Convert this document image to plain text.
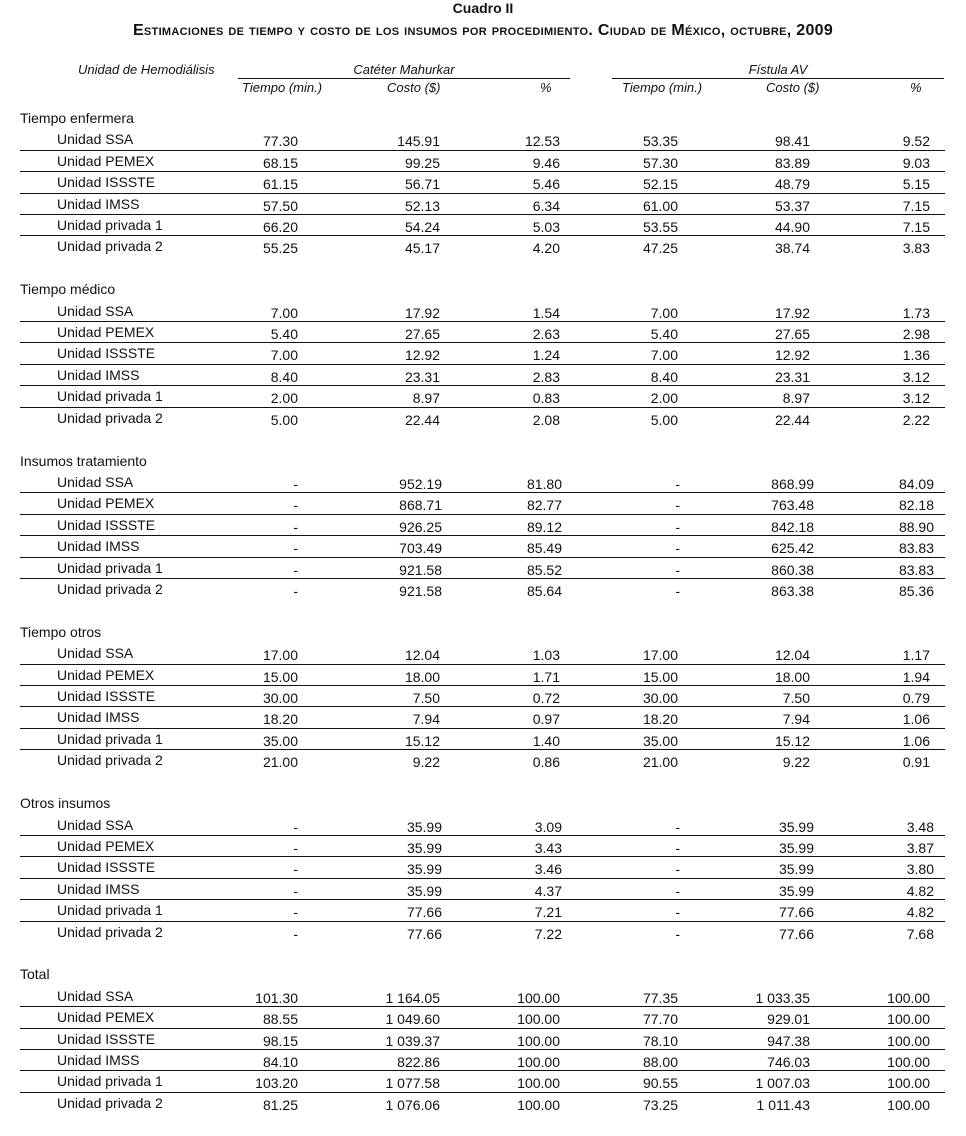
Cuadro II
Estimaciones de tiempo y costo de los insumos por procedimiento. Ciudad de México, octubre, 2009
Unidad de Hemodiálisis	Catéter Mahurkar	Fístula AV
Tiempo (min.)	Costo ($)	%	Tiempo (min.)	Costo ($)	%
Tiempo enfermera
Unidad SSA	77.30	145.91	12.53	53.35	98.41	9.52
Unidad PEMEX	68.15	99.25	9.46	57.30	83.89	9.03
Unidad ISSSTE	61.15	56.71	5.46	52.15	48.79	5.15
Unidad IMSS	57.50	52.13	6.34	61.00	53.37	7.15
Unidad privada 1	66.20	54.24	5.03	53.55	44.90	7.15
Unidad privada 2	55.25	45.17	4.20	47.25	38.74	3.83
Tiempo médico
Unidad SSA	7.00	17.92	1.54	7.00	17.92	1.73
Unidad PEMEX	5.40	27.65	2.63	5.40	27.65	2.98
Unidad ISSSTE	7.00	12.92	1.24	7.00	12.92	1.36
Unidad IMSS	8.40	23.31	2.83	8.40	23.31	3.12
Unidad privada 1	2.00	8.97	0.83	2.00	8.97	3.12
Unidad privada 2	5.00	22.44	2.08	5.00	22.44	2.22
Insumos tratamiento
Unidad SSA	-	952.19	81.80	-	868.99	84.09
Unidad PEMEX	-	868.71	82.77	-	763.48	82.18
Unidad ISSSTE	-	926.25	89.12	-	842.18	88.90
Unidad IMSS	-	703.49	85.49	-	625.42	83.83
Unidad privada 1	-	921.58	85.52	-	860.38	83.83
Unidad privada 2	-	921.58	85.64	-	863.38	85.36
Tiempo otros
Unidad SSA	17.00	12.04	1.03	17.00	12.04	1.17
Unidad PEMEX	15.00	18.00	1.71	15.00	18.00	1.94
Unidad ISSSTE	30.00	7.50	0.72	30.00	7.50	0.79
Unidad IMSS	18.20	7.94	0.97	18.20	7.94	1.06
Unidad privada 1	35.00	15.12	1.40	35.00	15.12	1.06
Unidad privada 2	21.00	9.22	0.86	21.00	9.22	0.91
Otros insumos
Unidad SSA	-	35.99	3.09	-	35.99	3.48
Unidad PEMEX	-	35.99	3.43	-	35.99	3.87
Unidad ISSSTE	-	35.99	3.46	-	35.99	3.80
Unidad IMSS	-	35.99	4.37	-	35.99	4.82
Unidad privada 1	-	77.66	7.21	-	77.66	4.82
Unidad privada 2	-	77.66	7.22	-	77.66	7.68
Total
Unidad SSA	101.30	1 164.05	100.00	77.35	1 033.35	100.00
Unidad PEMEX	88.55	1 049.60	100.00	77.70	929.01	100.00
Unidad ISSSTE	98.15	1 039.37	100.00	78.10	947.38	100.00
Unidad IMSS	84.10	822.86	100.00	88.00	746.03	100.00
Unidad privada 1	103.20	1 077.58	100.00	90.55	1 007.03	100.00
Unidad privada 2	81.25	1 076.06	100.00	73.25	1 011.43	100.00
